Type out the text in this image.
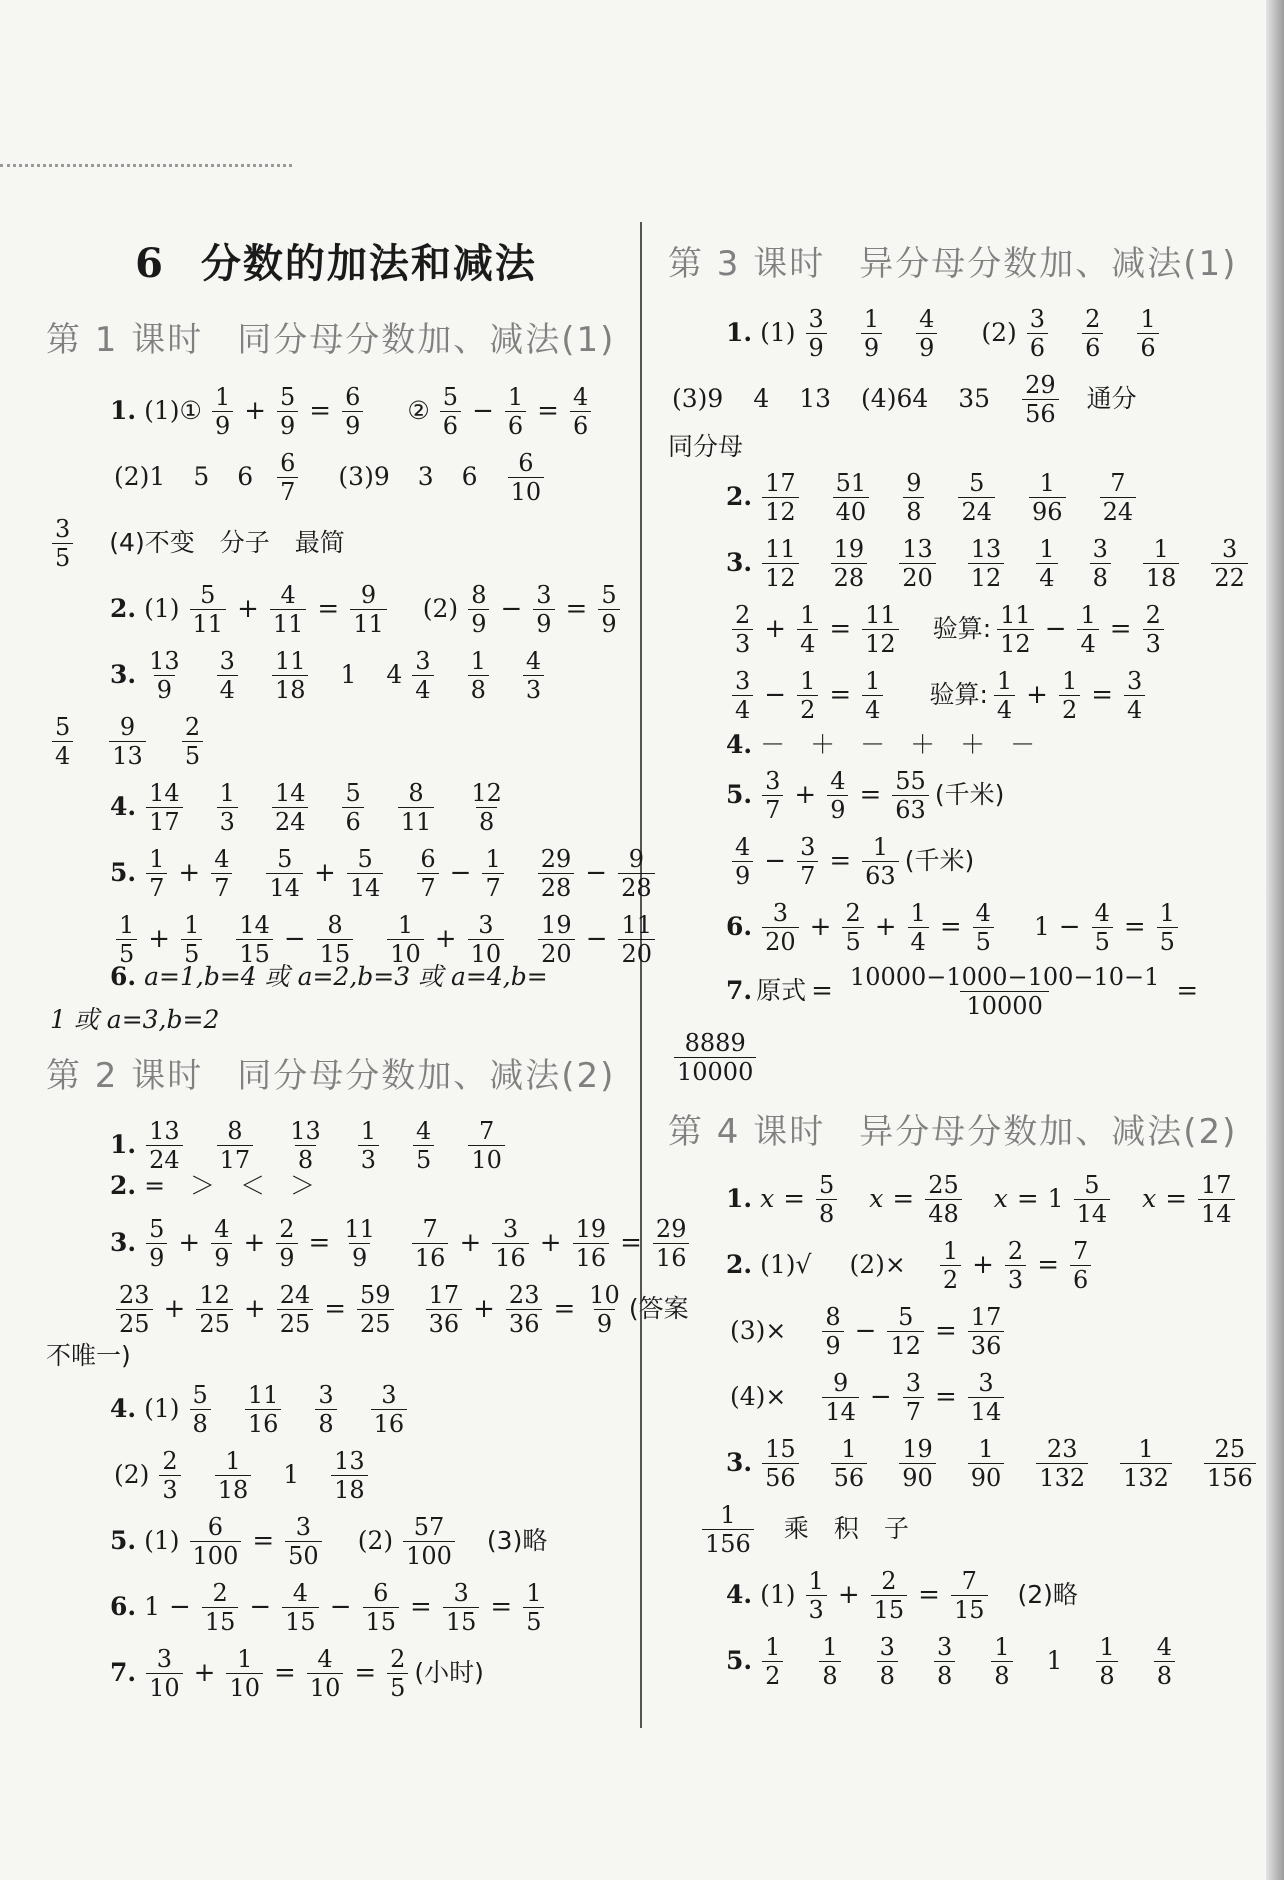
6 分数的加法和减法
第 1 课时 同分母分数加、减法(1)
1. (1)① $\frac{1}{9} + \frac{5}{9} = \frac{6}{9}$ ② $\frac{5}{6} - \frac{1}{6} = \frac{4}{6}$
(2)1 5 $6 \frac{6}{7} (3)9$ 3 $6 \frac{6}{10}$
$\frac{3}{5} (4)$不变　分子　最简
2. $(1) \frac{5}{11} + \frac{4}{11} = \frac{9}{11} (2) \frac{8}{9} - \frac{3}{9} = \frac{5}{9}$
3. $\frac{13}{9} \frac{3}{4} \frac{11}{18} 1$ $4 \frac{3}{4} \frac{1}{8} \frac{4}{3}$
$\frac{5}{4} \frac{9}{13} \frac{2}{5}$
4. $\frac{14}{17} \frac{1}{3} \frac{14}{24} \frac{5}{6} \frac{8}{11} \frac{12}{8}$
5. $\frac{1}{7} + \frac{4}{7} \frac{5}{14} + \frac{5}{14} \frac{6}{7} - \frac{1}{7} \frac{29}{28} - \frac{9}{28}$
$\frac{1}{5} + \frac{1}{5} \frac{14}{15} - \frac{8}{15} \frac{1}{10} + \frac{3}{10} \frac{19}{20} - \frac{11}{20}$
6. a=1,b=4 或 a=2,b=3 或 a=4,b=
1 或 a=3,b=2
第 2 课时 同分母分数加、减法(2)
1. $\frac{13}{24} \frac{8}{17} \frac{13}{8} \frac{1}{3} \frac{4}{5} \frac{7}{10}$
2. =　＞　＜　＞
3. $\frac{5}{9} + \frac{4}{9} + \frac{2}{9} = \frac{11}{9} \frac{7}{16} + \frac{3}{16} + \frac{19}{16} = \frac{29}{16}$
$\frac{23}{25} + \frac{12}{25} + \frac{24}{25} = \frac{59}{25} \frac{17}{36} + \frac{23}{36} = \frac{10}{9}$ (答案
不唯一)
4. $(1) \frac{5}{8} \frac{11}{16} \frac{3}{8} \frac{3}{16}$
$(2) \frac{2}{3} \frac{1}{18} 1 \frac{13}{18}$
5. $(1) \frac{6}{100} = \frac{3}{50} (2) \frac{57}{100} (3)$略
6. $1 - \frac{2}{15} - \frac{4}{15} - \frac{6}{15} = \frac{3}{15} = \frac{1}{5}$
7. $\frac{3}{10} + \frac{1}{10} = \frac{4}{10} = \frac{2}{5}$ (小时)
第 3 课时 异分母分数加、减法(1)
1. $(1) \frac{3}{9} \frac{1}{9} \frac{4}{9} (2) \frac{3}{6} \frac{2}{6} \frac{1}{6}$
(3)9 4 13 (4)64 $35 \frac{29}{56}$ 通分
同分母
2. $\frac{17}{12} \frac{51}{40} \frac{9}{8} \frac{5}{24} \frac{1}{96} \frac{7}{24}$
3. $\frac{11}{12} \frac{19}{28} \frac{13}{20} \frac{13}{12} \frac{1}{4} \frac{3}{8} \frac{1}{18} \frac{3}{22}$
$\frac{2}{3} + \frac{1}{4} = \frac{11}{12}$ 验算: $\frac{11}{12} - \frac{1}{4} = \frac{2}{3}$
$\frac{3}{4} - \frac{1}{2} = \frac{1}{4}$ 验算: $\frac{1}{4} + \frac{1}{2} = \frac{3}{4}$
4. －　＋　－　＋　＋　－
5. $\frac{3}{7} + \frac{4}{9} = \frac{55}{63}$ (千米)
$\frac{4}{9} - \frac{3}{7} = \frac{1}{63}$ (千米)
6. $\frac{3}{20} + \frac{2}{5} + \frac{1}{4} = \frac{4}{5} 1 - \frac{4}{5} = \frac{1}{5}$
7. 原式 = $\frac{10000-1000-100-10-1}{10000}$ =
$\frac{8889}{10000}$
第 4 课时 异分母分数加、减法(2)
1. $x = \frac{5}{8}$ $x = \frac{25}{48}$ $x = 1 \frac{5}{14}$ $x = \frac{17}{14}$
2. (1)√ $(2)\times \frac{1}{2} + \frac{2}{3} = \frac{7}{6}$
$(3)\times \frac{8}{9} - \frac{5}{12} = \frac{17}{36}$
$(4)\times \frac{9}{14} - \frac{3}{7} = \frac{3}{14}$
3. $\frac{15}{56} \frac{1}{56} \frac{19}{90} \frac{1}{90} \frac{23}{132} \frac{1}{132} \frac{25}{156}$
$\frac{1}{156}$ 乘　积　子
4. $(1) \frac{1}{3} + \frac{2}{15} = \frac{7}{15} (2)$略
5. $\frac{1}{2} \frac{1}{8} \frac{3}{8} \frac{3}{8} \frac{1}{8} 1 \frac{1}{8} \frac{4}{8}$
